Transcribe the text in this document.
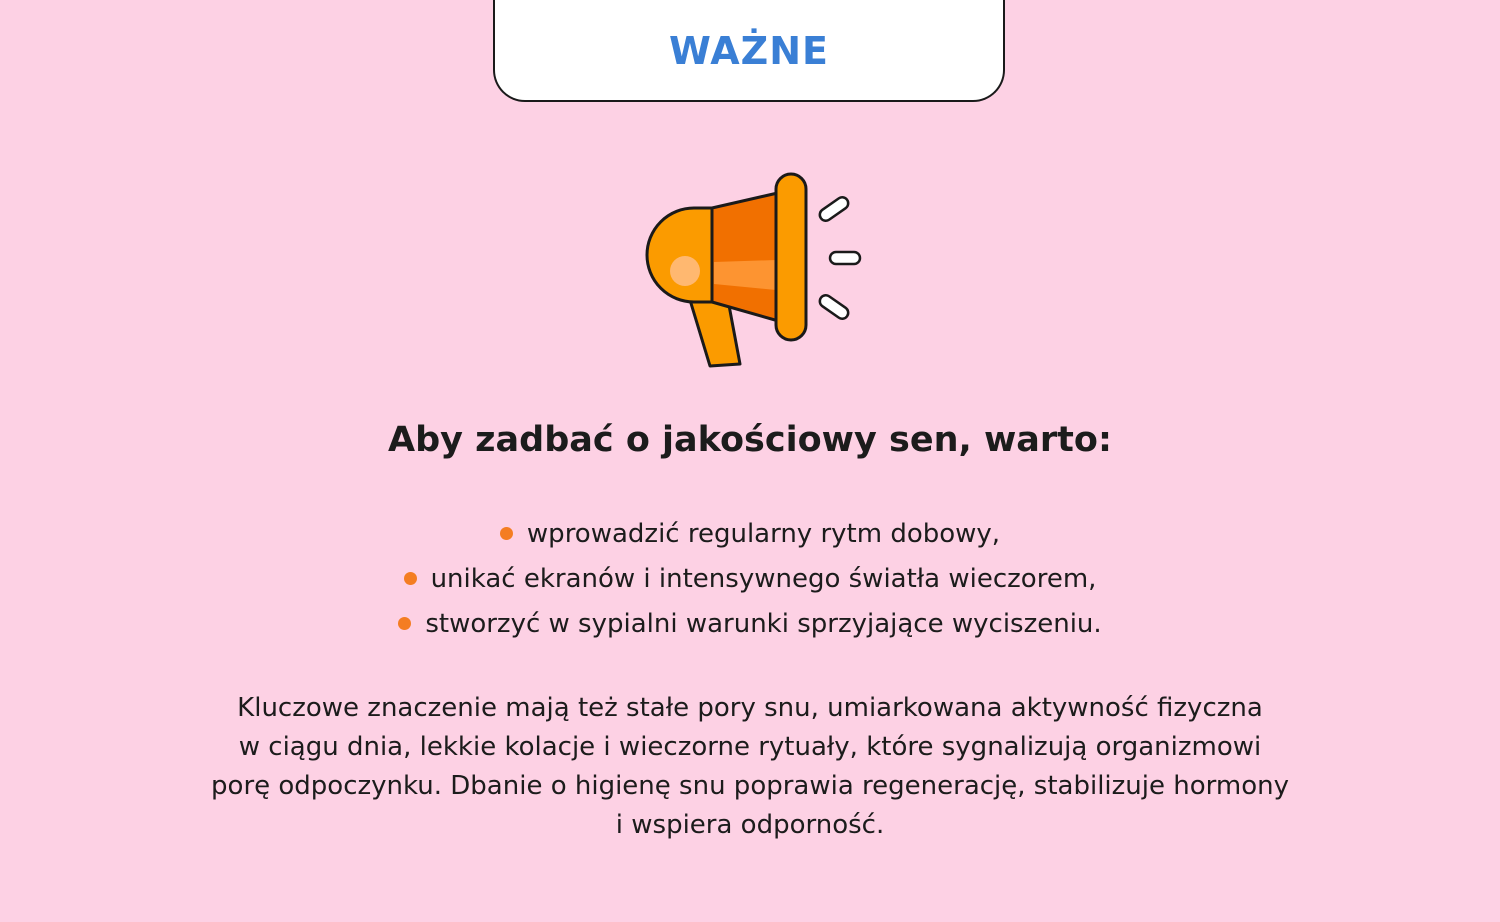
WAŻNE
Aby zadbać o jakościowy sen, warto:
wprowadzić regularny rytm dobowy,
unikać ekranów i intensywnego światła wieczorem,
stworzyć w sypialni warunki sprzyjające wyciszeniu.
Kluczowe znaczenie mają też stałe pory snu, umiarkowana aktywność fizyczna
w ciągu dnia, lekkie kolacje i wieczorne rytuały, które sygnalizują organizmowi
porę odpoczynku. Dbanie o higienę snu poprawia regenerację, stabilizuje hormony
i wspiera odporność.
